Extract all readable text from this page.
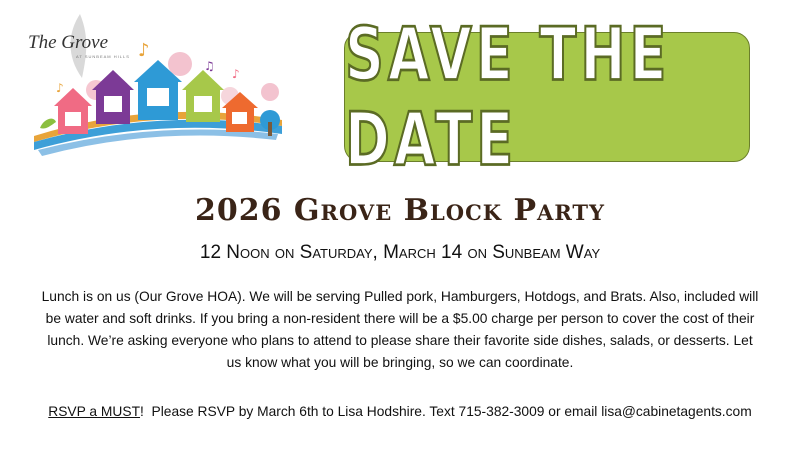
♪
♪
♫
♪
The Grove
AT SUNBEAM HILLS	SAVE THE DATE
2026 Grove Block Party
12 Noon on Saturday, March 14 on Sunbeam Way
Lunch is on us (Our Grove HOA). We will be serving Pulled pork, Hamburgers, Hotdogs, and Brats. Also, included will be water and soft drinks. If you bring a non-resident there will be a $5.00 charge per person to cover the cost of their lunch. We’re asking everyone who plans to attend to please share their favorite side dishes, salads, or desserts. Let us know what you will be bringing, so we can coordinate.
RSVP a MUST!  Please RSVP by March 6th to Lisa Hodshire. Text 715-382-3009 or email lisa@cabinetagents.com
